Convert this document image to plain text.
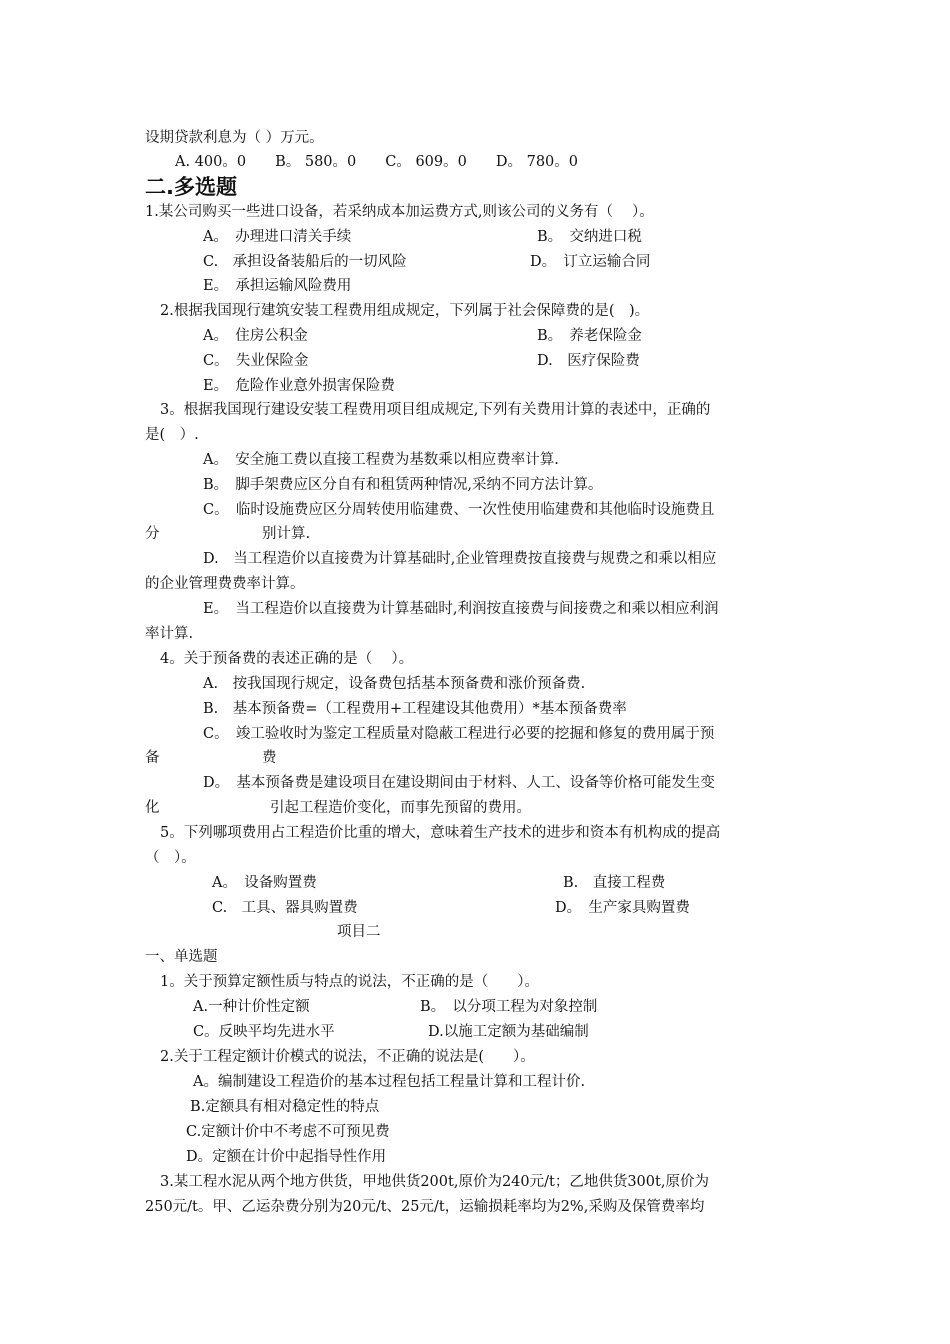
设期贷款利息为（ ）万元。
A. 400。0　　B。 580。0　　C。 609。0　　D。 780。0
二.多选题
1.某公司购买一些进口设备，若采纳成本加运费方式,则该公司的义务有（　 ）。
A。　办理进口清关手续	B。　交纳进口税
C.　承担设备装船后的一切风险	D。　订立运输合同
E。　承担运输风险费用
2.根据我国现行建筑安装工程费用组成规定，下列属于社会保障费的是(　)。
A。　住房公积金	B。　养老保险金
C。　失业保险金	D.　医疗保险费
E。　危险作业意外损害保险费
3。根据我国现行建设安装工程费用项目组成规定,下列有关费用计算的表述中，正确的
是(　）.
A。　安全施工费以直接工程费为基数乘以相应费率计算.
B。　脚手架费应区分自有和租赁两种情况,采纳不同方法计算。
C。　临时设施费应区分周转使用临建费、一次性使用临建费和其他临时设施费且
分	别计算.
D.　当工程造价以直接费为计算基础时,企业管理费按直接费与规费之和乘以相应
的企业管理费费率计算。
E。　当工程造价以直接费为计算基础时,利润按直接费与间接费之和乘以相应利润
率计算.
4。关于预备费的表述正确的是（　 ）。
A.　按我国现行规定，设备费包括基本预备费和涨价预备费.
B.　基本预备费=（工程费用+工程建设其他费用）*基本预备费率
C。　竣工验收时为鉴定工程质量对隐蔽工程进行必要的挖掘和修复的费用属于预
备	费
D。　基本预备费是建设项目在建设期间由于材料、人工、设备等价格可能发生变
化	引起工程造价变化，而事先预留的费用。
5。下列哪项费用占工程造价比重的增大，意味着生产技术的进步和资本有机构成的提高
（　）。
A。　设备购置费	B.　直接工程费
C.　工具、器具购置费	D。　生产家具购置费
项目二
一、单选题
1。关于预算定额性质与特点的说法，不正确的是（　　）。
A.一种计价性定额	B。　以分项工程为对象控制
C。反映平均先进水平	D.以施工定额为基础编制
2.关于工程定额计价模式的说法，不正确的说法是(　　）。
A。编制建设工程造价的基本过程包括工程量计算和工程计价.
B.定额具有相对稳定性的特点
C.定额计价中不考虑不可预见费
D。定额在计价中起指导性作用
3.某工程水泥从两个地方供货，甲地供货200t,原价为240元/t；乙地供货300t,原价为
250元/t。甲、乙运杂费分别为20元/t、25元/t，运输损耗率均为2%,采购及保管费率均
